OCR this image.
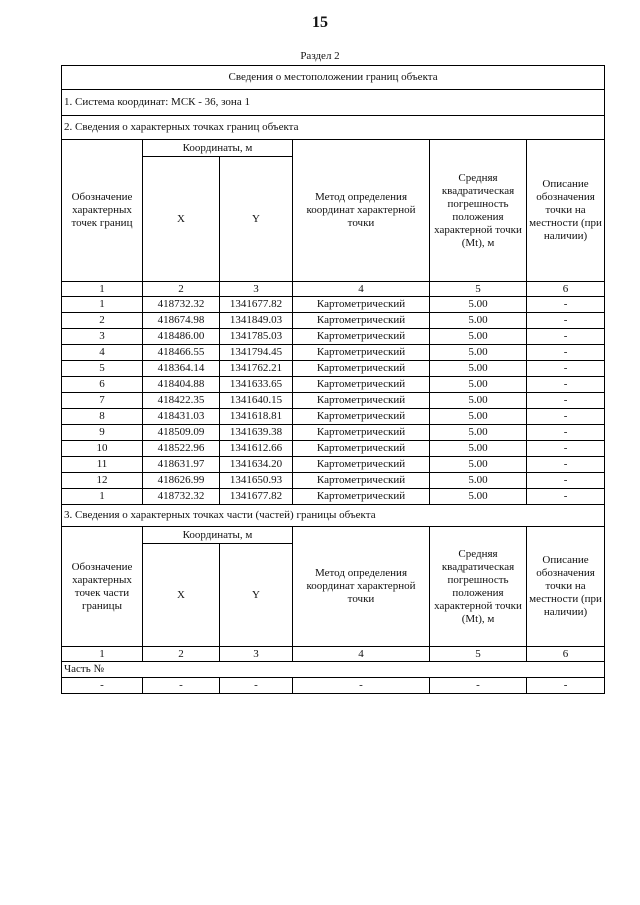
15
Раздел 2
Сведения о местоположении границ объекта					
1. Система координат: МСК - 36, зона 1					
2. Сведения о характерных точках границ объекта					
Обозначение характерных точек границ	Координаты, м		Метод определения координат характерной точки	Средняя квадратическая погрешность положения характерной точки (Mt), м	Описание обозначения точки на местности (при наличии)
	X	Y			
1	2	3	4	5	6
1	418732.32	1341677.82	Картометрический	5.00	-
2	418674.98	1341849.03	Картометрический	5.00	-
3	418486.00	1341785.03	Картометрический	5.00	-
4	418466.55	1341794.45	Картометрический	5.00	-
5	418364.14	1341762.21	Картометрический	5.00	-
6	418404.88	1341633.65	Картометрический	5.00	-
7	418422.35	1341640.15	Картометрический	5.00	-
8	418431.03	1341618.81	Картометрический	5.00	-
9	418509.09	1341639.38	Картометрический	5.00	-
10	418522.96	1341612.66	Картометрический	5.00	-
11	418631.97	1341634.20	Картометрический	5.00	-
12	418626.99	1341650.93	Картометрический	5.00	-
1	418732.32	1341677.82	Картометрический	5.00	-
3. Сведения о характерных точках части (частей) границы объекта					
Обозначение характерных точек части границы	Координаты, м		Метод определения координат характерной точки	Средняя квадратическая погрешность положения характерной точки (Mt), м	Описание обозначения точки на местности (при наличии)
	X	Y			
1	2	3	4	5	6
Часть №					
-	-	-	-	-	-
